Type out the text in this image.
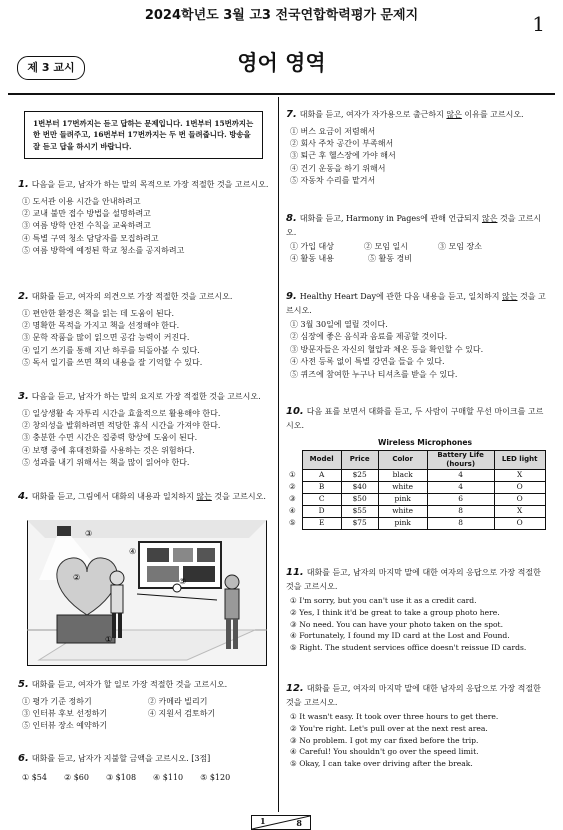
2024학년도 3월 고3 전국연합학력평가 문제지	1
제 3 교시	영어 영역
1번부터 17번까지는 듣고 답하는 문제입니다. 1번부터 15번까지는 한 번만 들려주고, 16번부터 17번까지는 두 번 들려줍니다. 방송을 잘 듣고 답을 하시기 바랍니다.
1. 다음을 듣고, 남자가 하는 말의 목적으로 가장 적절한 것을 고르시오.
① 도서관 이용 시간을 안내하려고
② 교내 불만 접수 방법을 설명하려고
③ 여름 방학 안전 수칙을 교육하려고
④ 특별 구역 청소 담당자를 모집하려고
⑤ 여름 방학에 예정된 학교 청소를 공지하려고
2. 대화를 듣고, 여자의 의견으로 가장 적절한 것을 고르시오.
① 편안한 환경은 책을 읽는 데 도움이 된다.
② 명확한 목적을 가지고 책을 선정해야 한다.
③ 문학 작품을 많이 읽으면 공감 능력이 커진다.
④ 일기 쓰기를 통해 지난 하루를 되돌아볼 수 있다.
⑤ 독서 일기를 쓰면 책의 내용을 잘 기억할 수 있다.
3. 다음을 듣고, 남자가 하는 말의 요지로 가장 적절한 것을 고르시오.
① 일상생활 속 자투리 시간을 효율적으로 활용해야 한다.
② 창의성을 발휘하려면 적당한 휴식 시간을 가져야 한다.
③ 충분한 수면 시간은 집중력 향상에 도움이 된다.
④ 보행 중에 휴대전화를 사용하는 것은 위험하다.
⑤ 성과를 내기 위해서는 책을 많이 읽어야 한다.
4. 대화를 듣고, 그림에서 대화의 내용과 일치하지 않는 것을 고르시오.
③
②
④
⑤
①
5. 대화를 듣고, 여자가 할 일로 가장 적절한 것을 고르시오.
① 평가 기준 정하기	② 카메라 빌리기
③ 인터뷰 후보 선정하기	④ 지원서 검토하기
⑤ 인터뷰 장소 예약하기
6. 대화를 듣고, 남자가 지불할 금액을 고르시오. [3점]
① $54 ② $60 ③ $108 ④ $110 ⑤ $120
7. 대화를 듣고, 여자가 자가용으로 출근하지 않은 이유를 고르시오.
① 버스 요금이 저렴해서
② 회사 주차 공간이 부족해서
③ 퇴근 후 헬스장에 가야 해서
④ 건기 운동을 하기 위해서
⑤ 자동차 수리를 맡겨서
8. 대화를 듣고, Harmony in Pages에 관해 언급되지 않은 것을 고르시오.
① 가입 대상	② 모임 일시	③ 모임 장소
④ 활동 내용	⑤ 활동 경비
9. Healthy Heart Day에 관한 다음 내용을 듣고, 일치하지 않는 것을 고르시오.
① 3월 30일에 열릴 것이다.
② 심장에 좋은 음식과 음료를 제공할 것이다.
③ 방문자들은 자신의 혈압과 체온 등을 확인할 수 있다.
④ 사전 등록 없이 특별 강연을 들을 수 있다.
⑤ 퀴즈에 참여한 누구나 티셔츠를 받을 수 있다.
10. 다음 표를 보면서 대화를 듣고, 두 사람이 구매할 무선 마이크를 고르시오.
Wireless Microphones
	Model	Price	Color	Battery Life (hours)	LED light
①	A	$25	black	4	X
②	B	$40	white	4	O
③	C	$50	pink	6	O
④	D	$55	white	8	X
⑤	E	$75	pink	8	O
11. 대화를 듣고, 남자의 마지막 말에 대한 여자의 응답으로 가장 적절한 것을 고르시오.
① I'm sorry, but you can't use it as a credit card.
② Yes, I think it'd be great to take a group photo here.
③ No need. You can have your photo taken on the spot.
④ Fortunately, I found my ID card at the Lost and Found.
⑤ Right. The student services office doesn't reissue ID cards.
12. 대화를 듣고, 여자의 마지막 말에 대한 남자의 응답으로 가장 적절한 것을 고르시오.
① It wasn't easy. It took over three hours to get there.
② You're right. Let's pull over at the next rest area.
③ No problem. I got my car fixed before the trip.
④ Careful! You shouldn't go over the speed limit.
⑤ Okay, I can take over driving after the break.
1	8
